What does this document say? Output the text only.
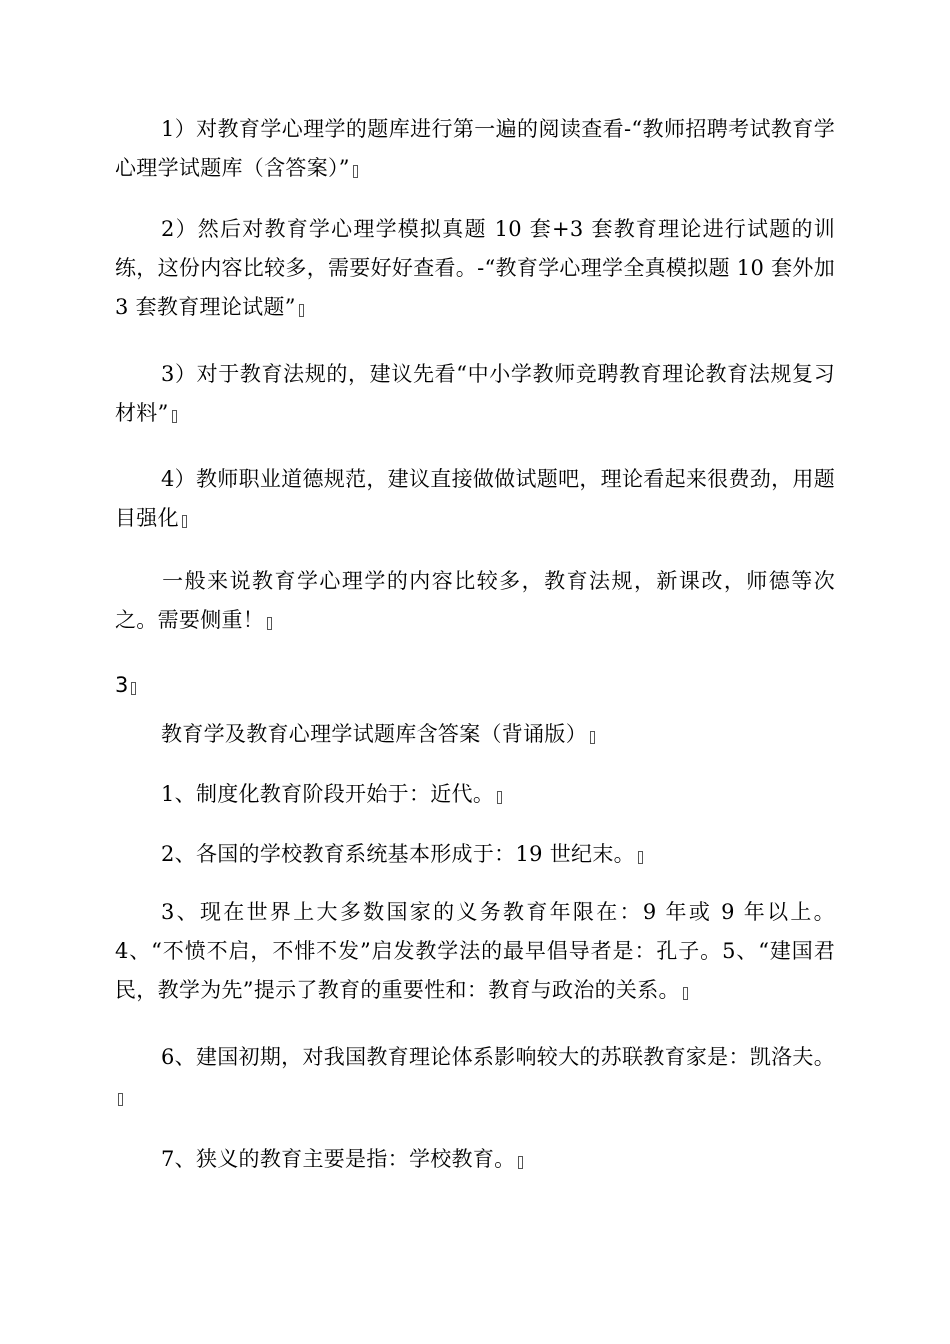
1）对教育学心理学的题库进行第一遍的阅读查看-“教师招聘考试教育学心理学试题库（含答案）”

2）然后对教育学心理学模拟真题 10 套+3 套教育理论进行试题的训练，这份内容比较多，需要好好查看。-“教育学心理学全真模拟题 10 套外加 3 套教育理论试题”

3）对于教育法规的，建议先看“中小学教师竞聘教育理论教育法规复习材料”

4）教师职业道德规范，建议直接做做试题吧，理论看起来很费劲，用题目强化

一般来说教育学心理学的内容比较多，教育法规，新课改，师德等次之。需要侧重！

3

教育学及教育心理学试题库含答案（背诵版）

1、制度化教育阶段开始于：近代。

2、各国的学校教育系统基本形成于：19 世纪末。

3、现在世界上大多数国家的义务教育年限在：9 年或 9 年以上。4、“不愤不启，不悱不发”启发教学法的最早倡导者是：孔子。5、“建国君民，教学为先”提示了教育的重要性和：教育与政治的关系。

6、建国初期，对我国教育理论体系影响较大的苏联教育家是：凯洛夫。

7、狭义的教育主要是指：学校教育。
